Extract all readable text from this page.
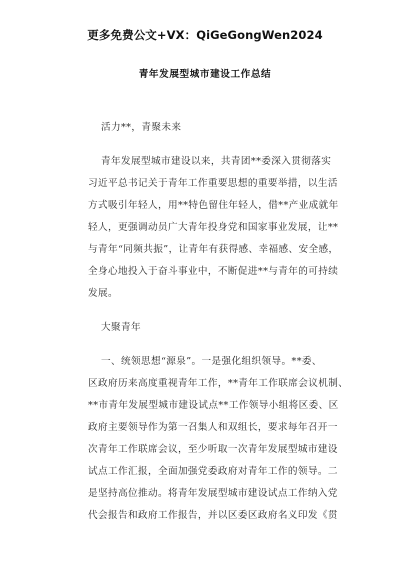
更多免费公文+VX：QiGeGongWen2024
青年发展型城市建设工作总结
活力**，青聚未来
青年发展型城市建设以来，共青团**委深入贯彻落实
习近平总书记关于青年工作重要思想的重要举措，以生活
方式吸引年轻人，用**特色留住年轻人，借**产业成就年
轻人，更强调动员广大青年投身党和国家事业发展，让**
与青年“同频共振”，让青年有获得感、幸福感、安全感，
全身心地投入于奋斗事业中，不断促进**与青年的可持续
发展。
大聚青年
一、统领思想“源泉”。一是强化组织领导。**委、
区政府历来高度重视青年工作，**青年工作联席会议机制、
**市青年发展型城市建设试点**工作领导小组将区委、区
政府主要领导作为第一召集人和双组长，要求每年召开一
次青年工作联席会议，至少听取一次青年发展型城市建设
试点工作汇报，全面加强党委政府对青年工作的领导。二
是坚持高位推动。将青年发展型城市建设试点工作纳入党
代会报告和政府工作报告，并以区委区政府名义印发《贯
